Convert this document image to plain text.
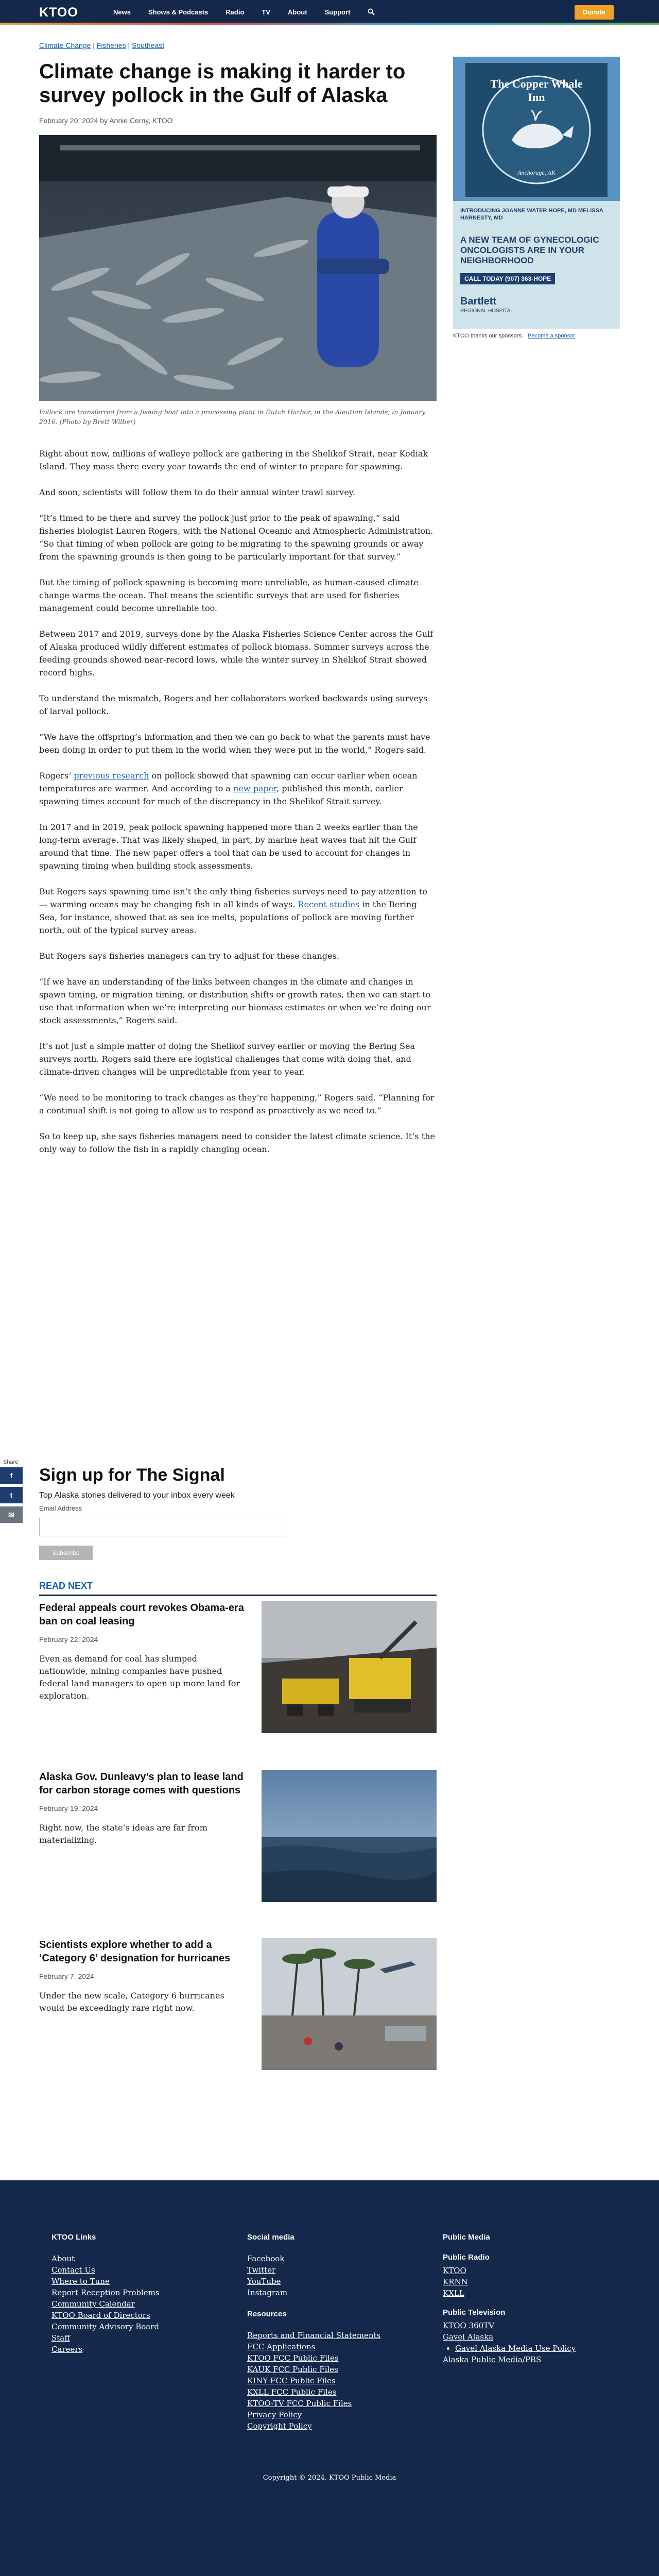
KTOO	News	Shows & Podcasts	Radio	TV	About	Support	Donate
Climate Change | Fisheries | Southeast
Climate change is making it harder to survey pollock in the Gulf of Alaska
February 20, 2024 by Annie Cerny, KTOO
Pollock are transferred from a fishing boat into a processing plant in Dutch Harbor, in the Aleutian Islands, in January 2016. (Photo by Brett Wilber)

Right about now, millions of walleye pollock are gathering in the Shelikof Strait, near Kodiak Island. They mass there every year towards the end of winter to prepare for spawning.

And soon, scientists will follow them to do their annual winter trawl survey.

“It’s timed to be there and survey the pollock just prior to the peak of spawning,” said fisheries biologist Lauren Rogers, with the National Oceanic and Atmospheric Administration. “So that timing of when pollock are going to be migrating to the spawning grounds or away from the spawning grounds is then going to be particularly important for that survey.”

But the timing of pollock spawning is becoming more unreliable, as human-caused climate change warms the ocean. That means the scientific surveys that are used for fisheries management could become unreliable too.

Between 2017 and 2019, surveys done by the Alaska Fisheries Science Center across the Gulf of Alaska produced wildly different estimates of pollock biomass. Summer surveys across the feeding grounds showed near-record lows, while the winter survey in Shelikof Strait showed record highs.

To understand the mismatch, Rogers and her collaborators worked backwards using surveys of larval pollock.

“We have the offspring’s information and then we can go back to what the parents must have been doing in order to put them in the world when they were put in the world,” Rogers said.

Rogers’ previous research on pollock showed that spawning can occur earlier when ocean temperatures are warmer. And according to a new paper, published this month, earlier spawning times account for much of the discrepancy in the Shelikof Strait survey.

In 2017 and in 2019, peak pollock spawning happened more than 2 weeks earlier than the long-term average. That was likely shaped, in part, by marine heat waves that hit the Gulf around that time. The new paper offers a tool that can be used to account for changes in spawning timing when building stock assessments.

But Rogers says spawning time isn’t the only thing fisheries surveys need to pay attention to — warming oceans may be changing fish in all kinds of ways. Recent studies in the Bering Sea, for instance, showed that as sea ice melts, populations of pollock are moving further north, out of the typical survey areas.

But Rogers says fisheries managers can try to adjust for these changes.

“If we have an understanding of the links between changes in the climate and changes in spawn timing, or migration timing, or distribution shifts or growth rates, then we can start to use that information when we’re interpreting our biomass estimates or when we’re doing our stock assessments,” Rogers said.

It’s not just a simple matter of doing the Shelikof survey earlier or moving the Bering Sea surveys north. Rogers said there are logistical challenges that come with doing that, and climate-driven changes will be unpredictable from year to year.

“We need to be monitoring to track changes as they’re happening,” Rogers said. “Planning for a continual shift is not going to allow us to respond as proactively as we need to.”

So to keep up, she says fisheries managers need to consider the latest climate science. It’s the only way to follow the fish in a rapidly changing ocean.

Share
f
t
✉
Sign up for The Signal
Top Alaska stories delivered to your inbox every week
Email Address
Subscribe
READ NEXT
Federal appeals court revokes Obama-era ban on coal leasing
February 22, 2024
Even as demand for coal has slumped nationwide, mining companies have pushed federal land managers to open up more land for exploration.
Alaska Gov. Dunleavy’s plan to lease land for carbon storage comes with questions
February 19, 2024
Right now, the state’s ideas are far from materializing.
Scientists explore whether to add a ‘Category 6’ designation for hurricanes
February 7, 2024
Under the new scale, Category 6 hurricanes would be exceedingly rare right now.
The Copper Whale Inn
Anchorage, AK
INTRODUCING JOANNE WATER HOPE, MD MELISSA HARNESTY, MD
A NEW TEAM OF GYNECOLOGIC ONCOLOGISTS ARE IN YOUR NEIGHBORHOOD
CALL TODAY (907) 363-HOPE
Bartlett
REGIONAL HOSPITAL
KTOO thanks our sponsors. Become a sponsor
KTOO Links
About
Contact Us
Where to Tune
Report Reception Problems
Community Calendar
KTOO Board of Directors
Community Advisory Board
Staff
Careers
Social media
Facebook
Twitter
YouTube
Instagram
Resources
Reports and Financial Statements
FCC Applications
KTOO FCC Public Files
KAUK FCC Public Files
KINY FCC Public Files
KXLL FCC Public Files
KTOO-TV FCC Public Files
Privacy Policy
Copyright Policy
Public Media
Public Radio
KTOO
KRNN
KXLL
Public Television
KTOO 360TV
Gavel Alaska
• Gavel Alaska Media Use Policy
Alaska Public Media/PBS
Copyright © 2024, KTOO Public Media
